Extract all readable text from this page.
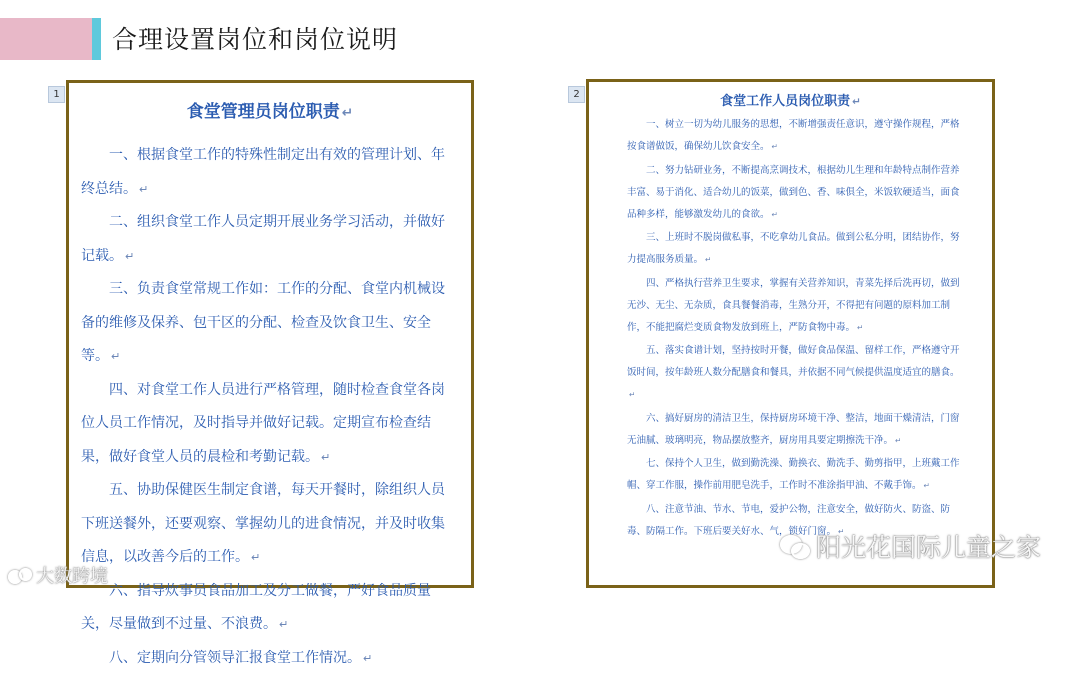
合理设置岗位和岗位说明
1
食堂管理员岗位职责 ↵

一、根据食堂工作的特殊性制定出有效的管理计划、年终总结。 ↵

二、组织食堂工作人员定期开展业务学习活动，并做好记载。 ↵

三、负责食堂常规工作如：工作的分配、食堂内机械设备的维修及保养、包干区的分配、检查及饮食卫生、安全等。 ↵

四、对食堂工作人员进行严格管理，随时检查食堂各岗位人员工作情况，及时指导并做好记载。定期宣布检查结果，做好食堂人员的晨检和考勤记载。 ↵

五、协助保健医生制定食谱，每天开餐时，除组织人员下班送餐外，还要观察、掌握幼儿的进食情况，并及时收集信息，以改善今后的工作。 ↵

六、指导炊事员食品加工及分工做餐，严好食品质量关，尽量做到不过量、不浪费。 ↵

八、定期向分管领导汇报食堂工作情况。 ↵

2	食堂工作人员岗位职责 ↵

一、树立一切为幼儿服务的思想，不断增强责任意识，遵守操作规程，严格按食谱做饭，确保幼儿饮食安全。 ↵

二、努力钻研业务，不断提高烹调技术，根据幼儿生理和年龄特点制作营养丰富、易于消化、适合幼儿的饭菜，做到色、香、味俱全，米饭软硬适当，面食品种多样，能够激发幼儿的食欲。 ↵

三、上班时不脱岗做私事，不吃拿幼儿食品。做到公私分明，团结协作，努力提高服务质量。 ↵

四、严格执行营养卫生要求，掌握有关营养知识，青菜先择后洗再切，做到无沙、无尘、无杂质，食具餐餐消毒，生熟分开，不得把有问题的原料加工制作，不能把腐烂变质食物发放到班上，严防食物中毒。 ↵

五、落实食谱计划，坚持按时开餐，做好食品保温、留样工作，严格遵守开饭时间，按年龄班人数分配膳食和餐具，并依据不同气候提供温度适宜的膳食。↵

六、搞好厨房的清洁卫生，保持厨房环境干净、整洁，地面干燥清洁，门窗无油腻、玻璃明亮，物品摆放整齐，厨房用具要定期擦洗干净。 ↵

七、保持个人卫生，做到勤洗澡、勤换衣、勤洗手、勤剪指甲，上班戴工作帽、穿工作服，操作前用肥皂洗手，工作时不准涂指甲油、不戴手饰。 ↵

八、注意节油、节水、节电，爱护公物，注意安全，做好防火、防盗、防毒、防隔工作。下班后要关好水、气，锁好门窗。 ↵

大数跨境
阳光花国际儿童之家
